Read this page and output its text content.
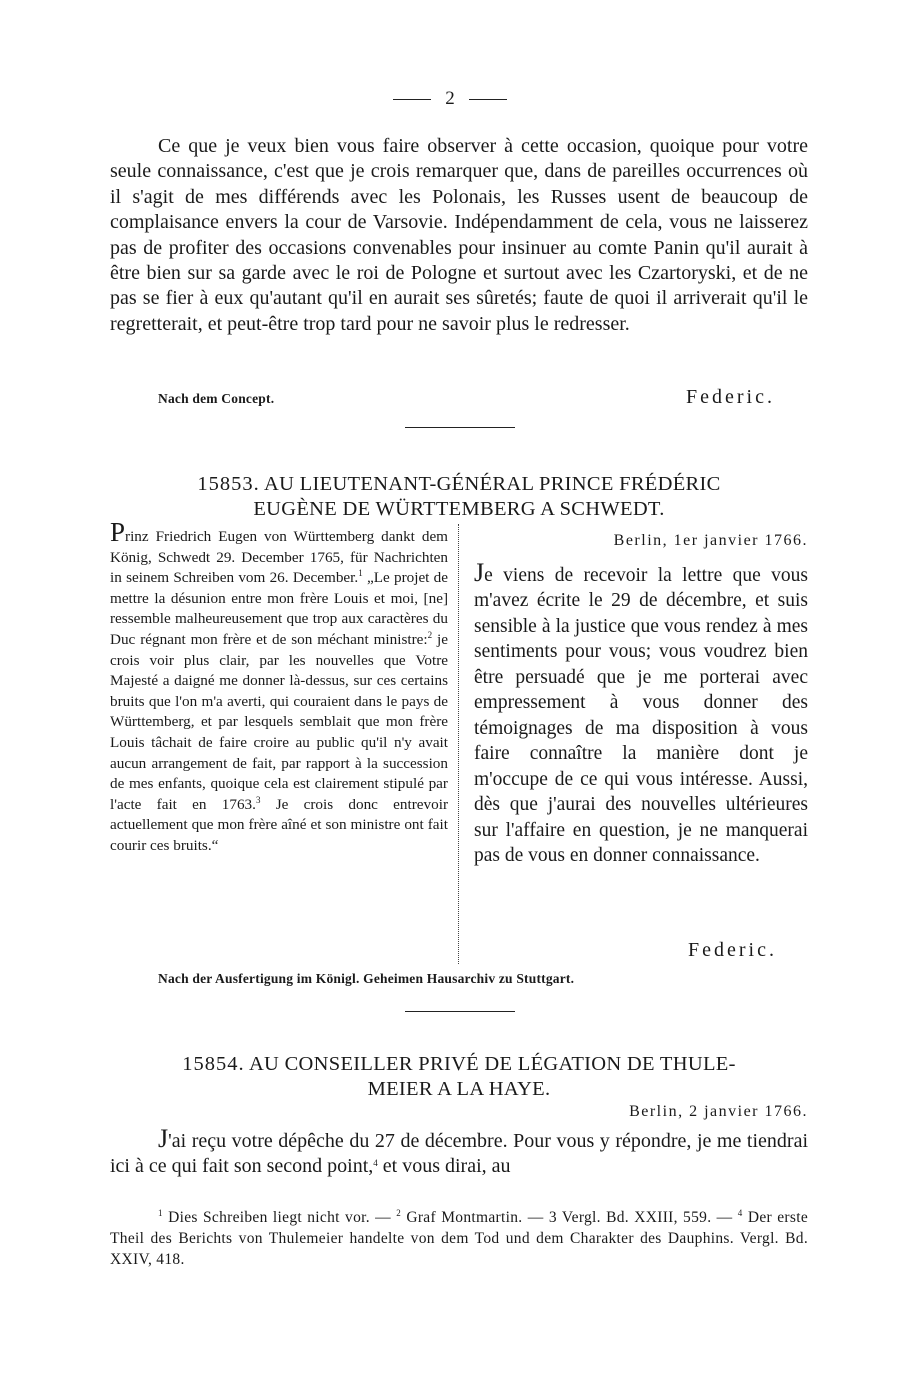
2
Ce que je veux bien vous faire observer à cette occasion, quoique pour votre seule connaissance, c'est que je crois remarquer que, dans de pareilles occurrences où il s'agit de mes différends avec les Polonais, les Russes usent de beaucoup de complaisance envers la cour de Varsovie. Indépendamment de cela, vous ne laisserez pas de profiter des occasions convenables pour insinuer au comte Panin qu'il aurait à être bien sur sa garde avec le roi de Pologne et surtout avec les Czartoryski, et de ne pas se fier à eux qu'autant qu'il en aurait ses sûretés; faute de quoi il arriverait qu'il le regretterait, et peut-être trop tard pour ne savoir plus le redresser.
Nach dem Concept.	Federic.
15853. AU LIEUTENANT-GÉNÉRAL PRINCE FRÉDÉRIC
EUGÈNE DE WÜRTTEMBERG A SCHWEDT.
Prinz Friedrich Eugen von Württemberg dankt dem König, Schwedt 29. December 1765, für Nachrichten in seinem Schreiben vom 26. December.$^1$ „Le projet de mettre la désunion entre mon frère Louis et moi, [ne] ressemble malheureusement que trop aux caractères du Duc régnant mon frère et de son méchant ministre:$^2$ je crois voir plus clair, par les nouvelles que Votre Majesté a daigné me donner là-dessus, sur ces certains bruits que l'on m'a averti, qui couraient dans le pays de Württemberg, et par lesquels semblait que mon frère Louis tâchait de faire croire au public qu'il n'y avait aucun arrangement de fait, par rapport à la succession de mes enfants, quoique cela est clairement stipulé par l'acte fait en 1763.$^3$ Je crois donc entrevoir actuellement que mon frère aîné et son ministre ont fait courir ces bruits.“
Berlin, 1er janvier 1766.
Je viens de recevoir la lettre que vous m'avez écrite le 29 de décembre, et suis sensible à la justice que vous rendez à mes sentiments pour vous; vous voudrez bien être persuadé que je me porterai avec empressement à vous donner des témoignages de ma disposition à vous faire connaître la manière dont je m'occupe de ce qui vous intéresse. Aussi, dès que j'aurai des nouvelles ultérieures sur l'affaire en question, je ne manquerai pas de vous en donner connaissance.
Federic.
Nach der Ausfertigung im Königl. Geheimen Hausarchiv zu Stuttgart.
15854. AU CONSEILLER PRIVÉ DE LÉGATION DE THULE-
MEIER A LA HAYE.
Berlin, 2 janvier 1766.
J'ai reçu votre dépêche du 27 de décembre. Pour vous y répondre, je me tiendrai ici à ce qui fait son second point,$^4$ et vous dirai, au
$^1$ Dies Schreiben liegt nicht vor. — $^2$ Graf Montmartin. — 3 Vergl. Bd. XXIII, 559. — $^4$ Der erste Theil des Berichts von Thulemeier handelte von dem Tod und dem Charakter des Dauphins. Vergl. Bd. XXIV, 418.
